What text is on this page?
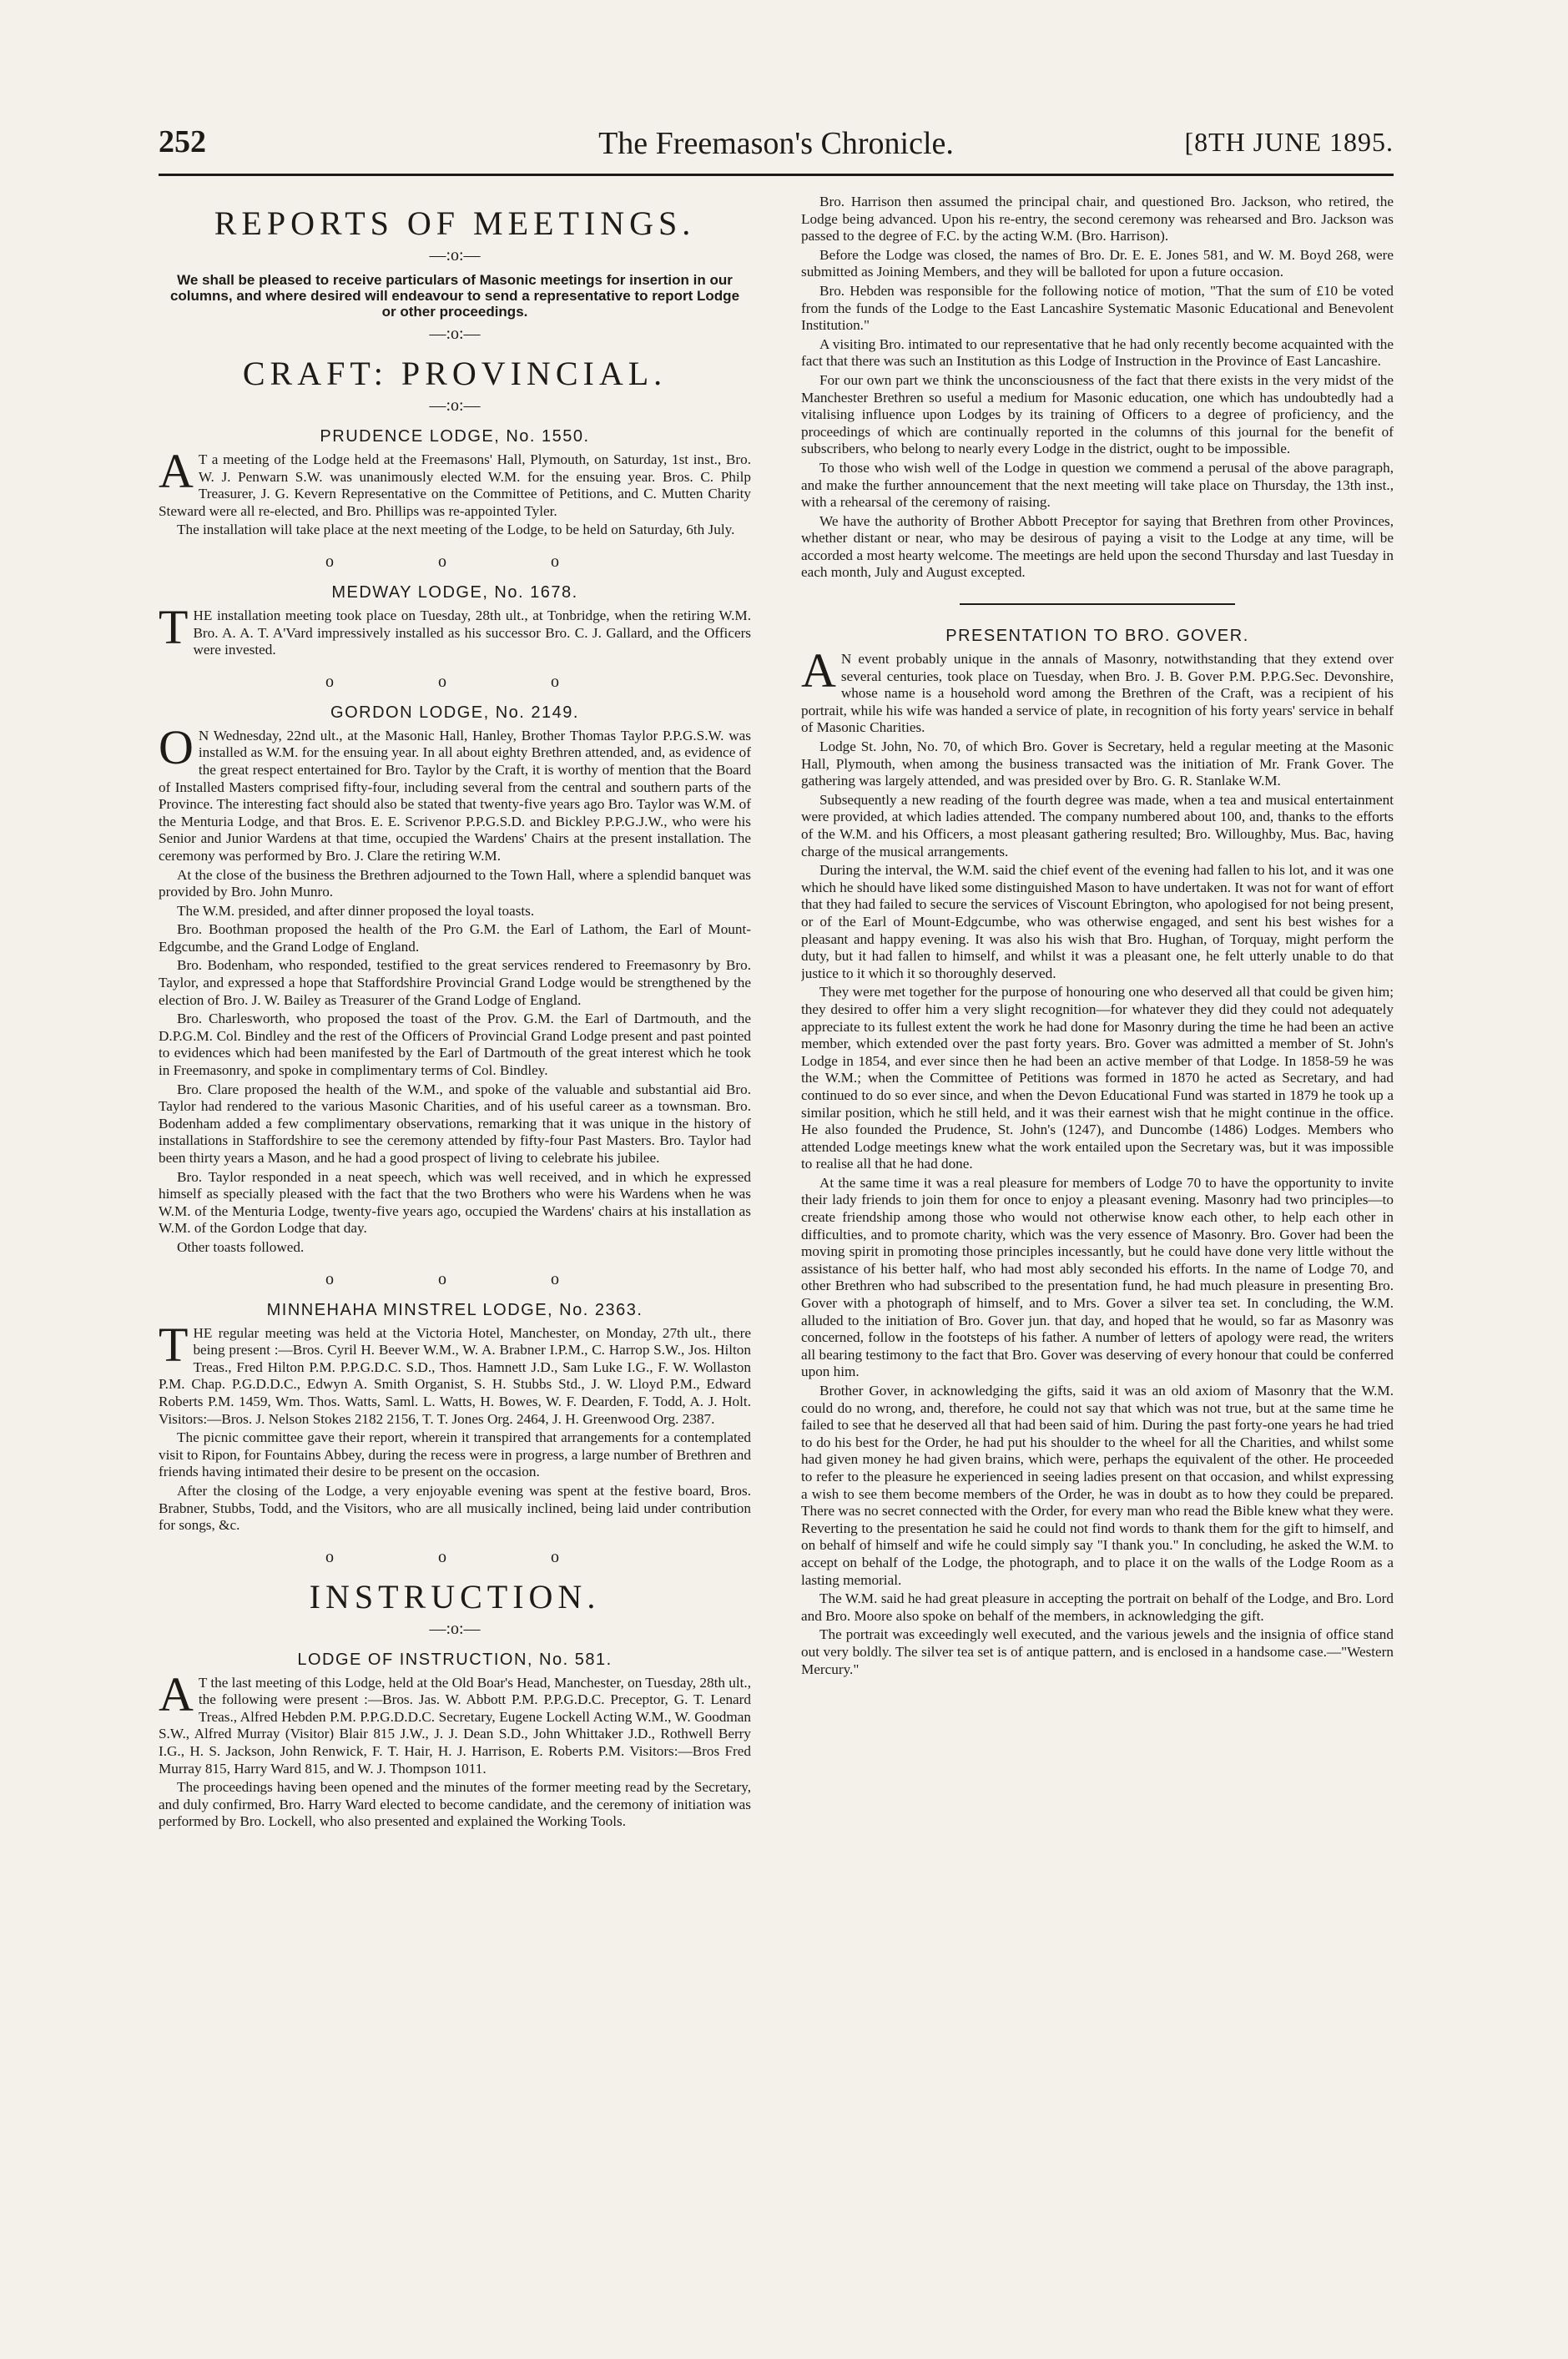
252	The Freemason's Chronicle.	[8TH JUNE 1895.
REPORTS OF MEETINGS.
—:o:—
We shall be pleased to receive particulars of Masonic meetings for insertion in our columns, and where desired will endeavour to send a representative to report Lodge or other proceedings.
—:o:—
CRAFT: PROVINCIAL.
—:o:—
PRUDENCE LODGE, No. 1550.

A T a meeting of the Lodge held at the Freemasons' Hall, Plymouth, on Saturday, 1st inst., Bro. W. J. Penwarn S.W. was unanimously elected W.M. for the ensuing year. Bros. C. Philp Treasurer, J. G. Kevern Representative on the Committee of Petitions, and C. Mutten Charity Steward were all re-elected, and Bro. Phillips was re-appointed Tyler.

The installation will take place at the next meeting of the Lodge, to be held on Saturday, 6th July.

o o o
MEDWAY LODGE, No. 1678.

THE installation meeting took place on Tuesday, 28th ult., at Tonbridge, when the retiring W.M. Bro. A. A. T. A'Vard impressively installed as his successor Bro. C. J. Gallard, and the Officers were invested.

o o o
GORDON LODGE, No. 2149.

O N Wednesday, 22nd ult., at the Masonic Hall, Hanley, Brother Thomas Taylor P.P.G.S.W. was installed as W.M. for the ensuing year. In all about eighty Brethren attended, and, as evidence of the great respect entertained for Bro. Taylor by the Craft, it is worthy of mention that the Board of Installed Masters comprised fifty-four, including several from the central and southern parts of the Province. The interesting fact should also be stated that twenty-five years ago Bro. Taylor was W.M. of the Menturia Lodge, and that Bros. E. E. Scrivenor P.P.G.S.D. and Bickley P.P.G.J.W., who were his Senior and Junior Wardens at that time, occupied the Wardens' Chairs at the present installation. The ceremony was performed by Bro. J. Clare the retiring W.M.

At the close of the business the Brethren adjourned to the Town Hall, where a splendid banquet was provided by Bro. John Munro.

The W.M. presided, and after dinner proposed the loyal toasts.

Bro. Boothman proposed the health of the Pro G.M. the Earl of Lathom, the Earl of Mount-Edgcumbe, and the Grand Lodge of England.

Bro. Bodenham, who responded, testified to the great services rendered to Freemasonry by Bro. Taylor, and expressed a hope that Staffordshire Provincial Grand Lodge would be strengthened by the election of Bro. J. W. Bailey as Treasurer of the Grand Lodge of England.

Bro. Charlesworth, who proposed the toast of the Prov. G.M. the Earl of Dartmouth, and the D.P.G.M. Col. Bindley and the rest of the Officers of Provincial Grand Lodge present and past pointed to evidences which had been manifested by the Earl of Dartmouth of the great interest which he took in Freemasonry, and spoke in complimentary terms of Col. Bindley.

Bro. Clare proposed the health of the W.M., and spoke of the valuable and substantial aid Bro. Taylor had rendered to the various Masonic Charities, and of his useful career as a townsman. Bro. Bodenham added a few complimentary observations, remarking that it was unique in the history of installations in Staffordshire to see the ceremony attended by fifty-four Past Masters. Bro. Taylor had been thirty years a Mason, and he had a good prospect of living to celebrate his jubilee.

Bro. Taylor responded in a neat speech, which was well received, and in which he expressed himself as specially pleased with the fact that the two Brothers who were his Wardens when he was W.M. of the Menturia Lodge, twenty-five years ago, occupied the Wardens' chairs at his installation as W.M. of the Gordon Lodge that day.

Other toasts followed.

o o o
MINNEHAHA MINSTREL LODGE, No. 2363.

THE regular meeting was held at the Victoria Hotel, Manchester, on Monday, 27th ult., there being present :—Bros. Cyril H. Beever W.M., W. A. Brabner I.P.M., C. Harrop S.W., Jos. Hilton Treas., Fred Hilton P.M. P.P.G.D.C. S.D., Thos. Hamnett J.D., Sam Luke I.G., F. W. Wollaston P.M. Chap. P.G.D.D.C., Edwyn A. Smith Organist, S. H. Stubbs Std., J. W. Lloyd P.M., Edward Roberts P.M. 1459, Wm. Thos. Watts, Saml. L. Watts, H. Bowes, W. F. Dearden, F. Todd, A. J. Holt. Visitors:—Bros. J. Nelson Stokes 2182 2156, T. T. Jones Org. 2464, J. H. Greenwood Org. 2387.

The picnic committee gave their report, wherein it transpired that arrangements for a contemplated visit to Ripon, for Fountains Abbey, during the recess were in progress, a large number of Brethren and friends having intimated their desire to be present on the occasion.

After the closing of the Lodge, a very enjoyable evening was spent at the festive board, Bros. Brabner, Stubbs, Todd, and the Visitors, who are all musically inclined, being laid under contribution for songs, &c.

o o o
INSTRUCTION.
—:o:—
LODGE OF INSTRUCTION, No. 581.

A T the last meeting of this Lodge, held at the Old Boar's Head, Manchester, on Tuesday, 28th ult., the following were present :—Bros. Jas. W. Abbott P.M. P.P.G.D.C. Preceptor, G. T. Lenard Treas., Alfred Hebden P.M. P.P.G.D.D.C. Secretary, Eugene Lockell Acting W.M., W. Goodman S.W., Alfred Murray (Visitor) Blair 815 J.W., J. J. Dean S.D., John Whittaker J.D., Rothwell Berry I.G., H. S. Jackson, John Renwick, F. T. Hair, H. J. Harrison, E. Roberts P.M. Visitors:—Bros Fred Murray 815, Harry Ward 815, and W. J. Thompson 1011.

The proceedings having been opened and the minutes of the former meeting read by the Secretary, and duly confirmed, Bro. Harry Ward elected to become candidate, and the ceremony of initiation was performed by Bro. Lockell, who also presented and explained the Working Tools.

Bro. Harrison then assumed the principal chair, and questioned Bro. Jackson, who retired, the Lodge being advanced. Upon his re-entry, the second ceremony was rehearsed and Bro. Jackson was passed to the degree of F.C. by the acting W.M. (Bro. Harrison).

Before the Lodge was closed, the names of Bro. Dr. E. E. Jones 581, and W. M. Boyd 268, were submitted as Joining Members, and they will be balloted for upon a future occasion.

Bro. Hebden was responsible for the following notice of motion, "That the sum of £10 be voted from the funds of the Lodge to the East Lancashire Systematic Masonic Educational and Benevolent Institution."

A visiting Bro. intimated to our representative that he had only recently become acquainted with the fact that there was such an Institution as this Lodge of Instruction in the Province of East Lancashire.

For our own part we think the unconsciousness of the fact that there exists in the very midst of the Manchester Brethren so useful a medium for Masonic education, one which has undoubtedly had a vitalising influence upon Lodges by its training of Officers to a degree of proficiency, and the proceedings of which are continually reported in the columns of this journal for the benefit of subscribers, who belong to nearly every Lodge in the district, ought to be impossible.

To those who wish well of the Lodge in question we commend a perusal of the above paragraph, and make the further announcement that the next meeting will take place on Thursday, the 13th inst., with a rehearsal of the ceremony of raising.

We have the authority of Brother Abbott Preceptor for saying that Brethren from other Provinces, whether distant or near, who may be desirous of paying a visit to the Lodge at any time, will be accorded a most hearty welcome. The meetings are held upon the second Thursday and last Tuesday in each month, July and August excepted.

PRESENTATION TO BRO. GOVER.

A N event probably unique in the annals of Masonry, notwithstanding that they extend over several centuries, took place on Tuesday, when Bro. J. B. Gover P.M. P.P.G.Sec. Devonshire, whose name is a household word among the Brethren of the Craft, was a recipient of his portrait, while his wife was handed a service of plate, in recognition of his forty years' service in behalf of Masonic Charities.

Lodge St. John, No. 70, of which Bro. Gover is Secretary, held a regular meeting at the Masonic Hall, Plymouth, when among the business transacted was the initiation of Mr. Frank Gover. The gathering was largely attended, and was presided over by Bro. G. R. Stanlake W.M.

Subsequently a new reading of the fourth degree was made, when a tea and musical entertainment were provided, at which ladies attended. The company numbered about 100, and, thanks to the efforts of the W.M. and his Officers, a most pleasant gathering resulted; Bro. Willoughby, Mus. Bac, having charge of the musical arrangements.

During the interval, the W.M. said the chief event of the evening had fallen to his lot, and it was one which he should have liked some distinguished Mason to have undertaken. It was not for want of effort that they had failed to secure the services of Viscount Ebrington, who apologised for not being present, or of the Earl of Mount-Edgcumbe, who was otherwise engaged, and sent his best wishes for a pleasant and happy evening. It was also his wish that Bro. Hughan, of Torquay, might perform the duty, but it had fallen to himself, and whilst it was a pleasant one, he felt utterly unable to do that justice to it which it so thoroughly deserved.

They were met together for the purpose of honouring one who deserved all that could be given him; they desired to offer him a very slight recognition—for whatever they did they could not adequately appreciate to its fullest extent the work he had done for Masonry during the time he had been an active member, which extended over the past forty years. Bro. Gover was admitted a member of St. John's Lodge in 1854, and ever since then he had been an active member of that Lodge. In 1858-59 he was the W.M.; when the Committee of Petitions was formed in 1870 he acted as Secretary, and had continued to do so ever since, and when the Devon Educational Fund was started in 1879 he took up a similar position, which he still held, and it was their earnest wish that he might continue in the office. He also founded the Prudence, St. John's (1247), and Duncombe (1486) Lodges. Members who attended Lodge meetings knew what the work entailed upon the Secretary was, but it was impossible to realise all that he had done.

At the same time it was a real pleasure for members of Lodge 70 to have the opportunity to invite their lady friends to join them for once to enjoy a pleasant evening. Masonry had two principles—to create friendship among those who would not otherwise know each other, to help each other in difficulties, and to promote charity, which was the very essence of Masonry. Bro. Gover had been the moving spirit in promoting those principles incessantly, but he could have done very little without the assistance of his better half, who had most ably seconded his efforts. In the name of Lodge 70, and other Brethren who had subscribed to the presentation fund, he had much pleasure in presenting Bro. Gover with a photograph of himself, and to Mrs. Gover a silver tea set. In concluding, the W.M. alluded to the initiation of Bro. Gover jun. that day, and hoped that he would, so far as Masonry was concerned, follow in the footsteps of his father. A number of letters of apology were read, the writers all bearing testimony to the fact that Bro. Gover was deserving of every honour that could be conferred upon him.

Brother Gover, in acknowledging the gifts, said it was an old axiom of Masonry that the W.M. could do no wrong, and, therefore, he could not say that which was not true, but at the same time he failed to see that he deserved all that had been said of him. During the past forty-one years he had tried to do his best for the Order, he had put his shoulder to the wheel for all the Charities, and whilst some had given money he had given brains, which were, perhaps the equivalent of the other. He proceeded to refer to the pleasure he experienced in seeing ladies present on that occasion, and whilst expressing a wish to see them become members of the Order, he was in doubt as to how they could be prepared. There was no secret connected with the Order, for every man who read the Bible knew what they were. Reverting to the presentation he said he could not find words to thank them for the gift to himself, and on behalf of himself and wife he could simply say "I thank you." In concluding, he asked the W.M. to accept on behalf of the Lodge, the photograph, and to place it on the walls of the Lodge Room as a lasting memorial.

The W.M. said he had great pleasure in accepting the portrait on behalf of the Lodge, and Bro. Lord and Bro. Moore also spoke on behalf of the members, in acknowledging the gift.

The portrait was exceedingly well executed, and the various jewels and the insignia of office stand out very boldly. The silver tea set is of antique pattern, and is enclosed in a handsome case.—"Western Mercury."
